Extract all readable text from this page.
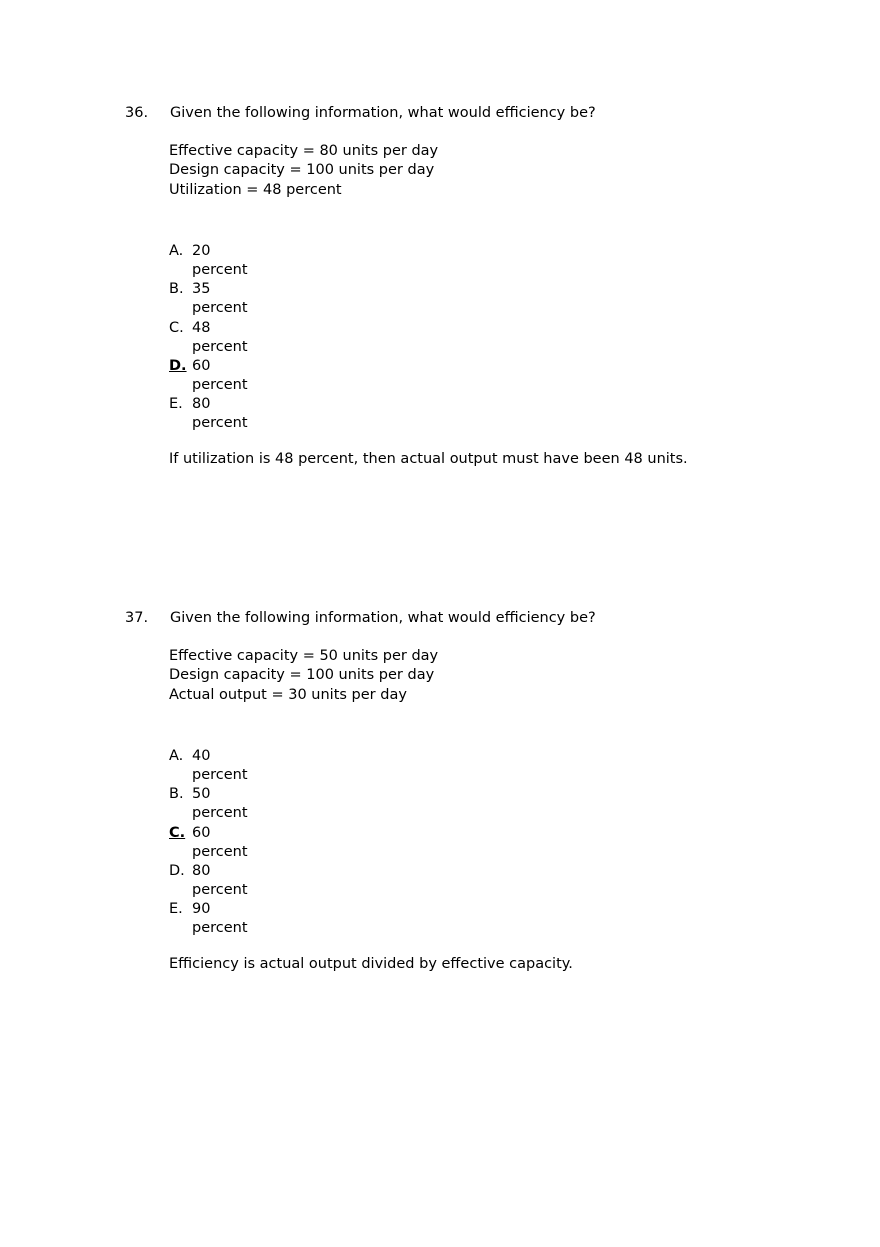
36. Given the following information, what would efficiency be?
Effective capacity = 80 units per day
Design capacity = 100 units per day
Utilization = 48 percent
A. 20
percent
B. 35
percent
C. 48
percent
D. 60
percent
E. 80
percent
If utilization is 48 percent, then actual output must have been 48 units.
37. Given the following information, what would efficiency be?
Effective capacity = 50 units per day
Design capacity = 100 units per day
Actual output = 30 units per day
A. 40
percent
B. 50
percent
C. 60
percent
D. 80
percent
E. 90
percent
Efficiency is actual output divided by effective capacity.
